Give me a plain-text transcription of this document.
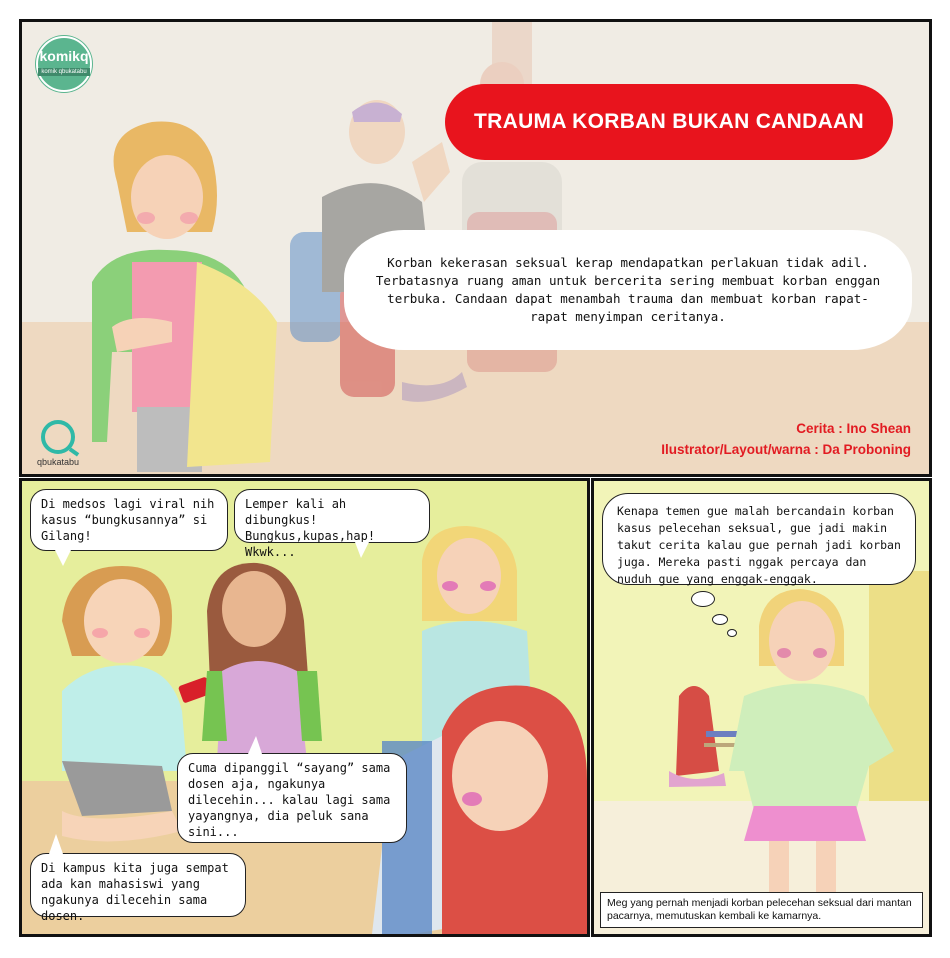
komikq
komik qbukatabu
TRAUMA KORBAN BUKAN CANDAAN

Korban kekerasan seksual kerap mendapatkan perlakuan tidak adil. Terbatasnya ruang aman untuk bercerita sering membuat korban enggan terbuka. Candaan dapat menambah trauma dan membuat korban rapat-rapat menyimpan ceritanya.

Cerita : Ino Shean
Ilustrator/Layout/warna : Da Proboning
qbukatabu
Di medsos lagi viral nih kasus “bungkusannya” si Gilang!
Lemper kali ah dibungkus! Bungkus,kupas,hap! Wkwk...
Cuma dipanggil “sayang” sama dosen aja, ngakunya dilecehin... kalau lagi sama yayangnya, dia peluk sana sini...
Di kampus kita juga sempat ada kan mahasiswi yang ngakunya dilecehin sama dosen.
Kenapa temen gue malah bercandain korban kasus pelecehan seksual, gue jadi makin takut cerita kalau gue pernah jadi korban juga. Mereka pasti nggak percaya dan nuduh gue yang enggak-enggak.
Meg yang pernah menjadi korban pelecehan seksual dari mantan pacarnya, memutuskan kembali ke kamarnya.
